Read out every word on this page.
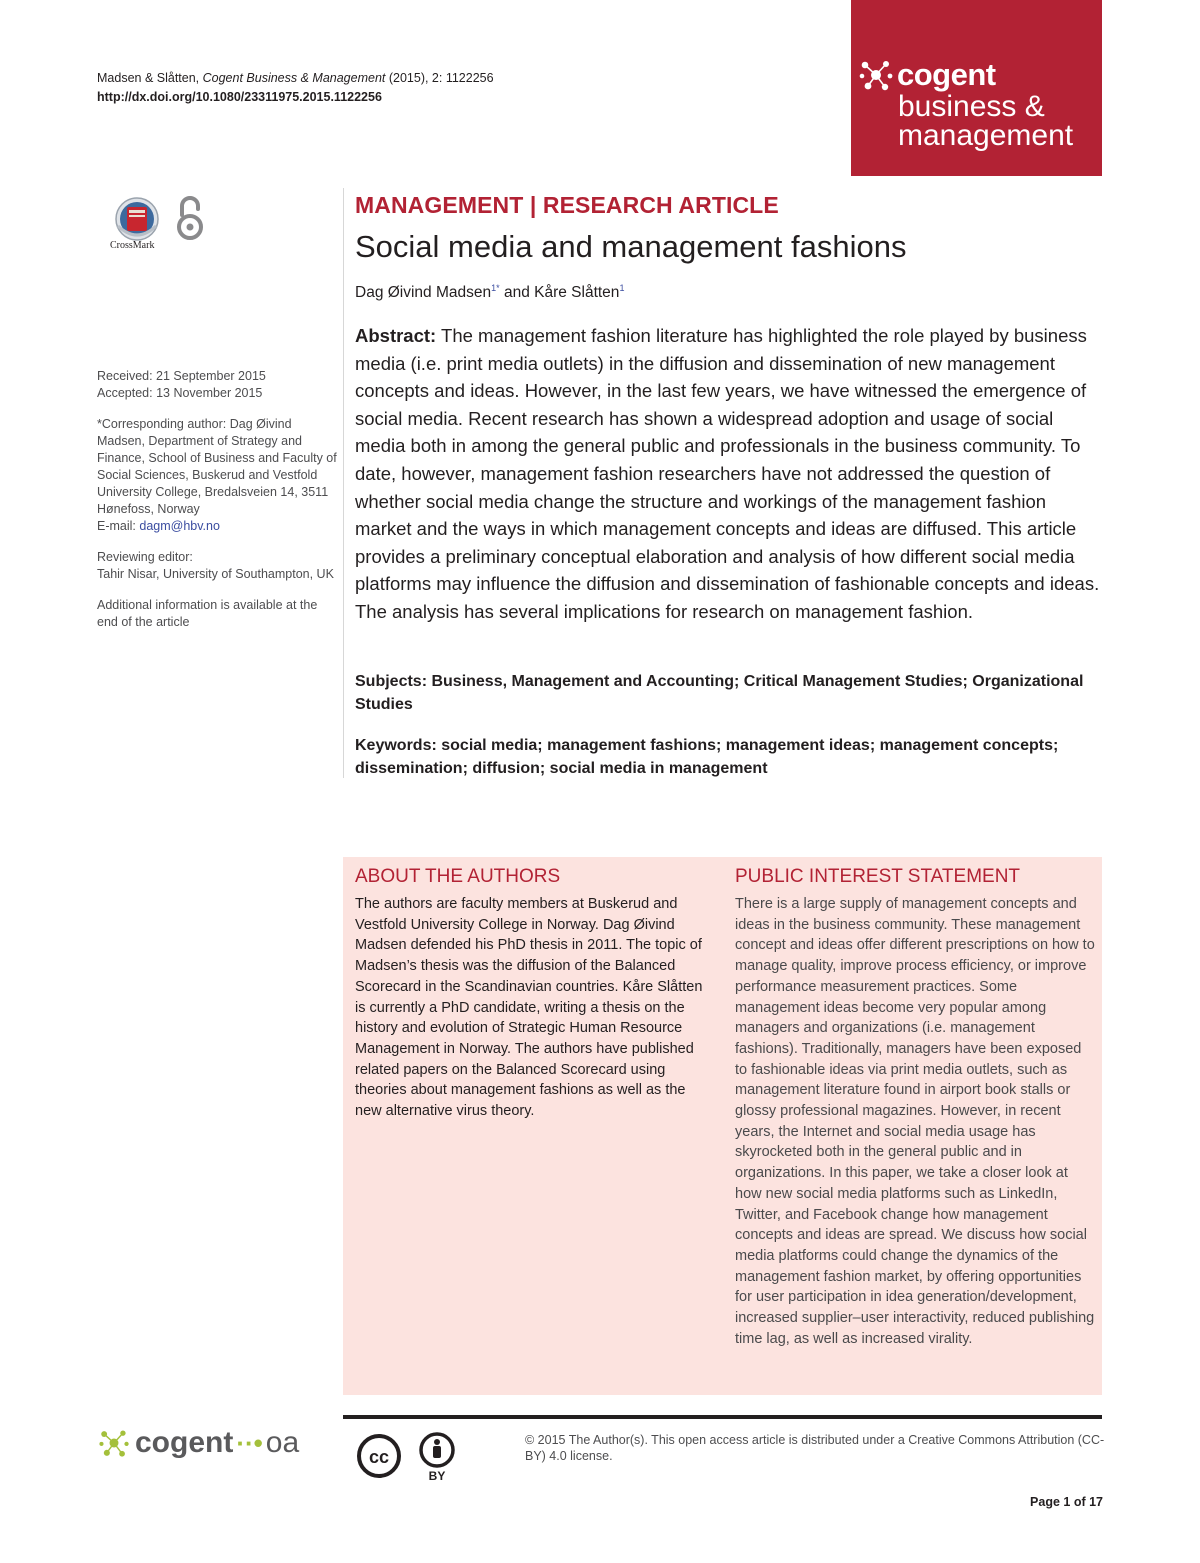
Madsen & Slåtten, Cogent Business & Management (2015), 2: 1122256
http://dx.doi.org/10.1080/23311975.2015.1122256
cogent
business &
management
CrossMark

Received: 21 September 2015
Accepted: 13 November 2015

*Corresponding author: Dag Øivind Madsen, Department of Strategy and Finance, School of Business and Faculty of Social Sciences, Buskerud and Vestfold University College, Bredalsveien 14, 3511 Hønefoss, Norway
E-mail: dagm@hbv.no

Reviewing editor:
Tahir Nisar, University of Southampton, UK

Additional information is available at the end of the article

MANAGEMENT | RESEARCH ARTICLE
Social media and management fashions
Dag Øivind Madsen$^{1*}$ and Kåre Slåtten$^1$
Abstract: The management fashion literature has highlighted the role played by business media (i.e. print media outlets) in the diffusion and dissemination of new management concepts and ideas. However, in the last few years, we have witnessed the emergence of social media. Recent research has shown a widespread adoption and usage of social media both in among the general public and professionals in the business community. To date, however, management fashion researchers have not addressed the question of whether social media change the structure and workings of the management fashion market and the ways in which management concepts and ideas are diffused. This article provides a preliminary conceptual elaboration and analysis of how different social media platforms may influence the diffusion and dissemination of fashionable concepts and ideas. The analysis has several implications for research on management fashion.
Subjects: Business, Management and Accounting; Critical Management Studies; Organizational Studies
Keywords: social media; management fashions; management ideas; management concepts; dissemination; diffusion; social media in management
ABOUT THE AUTHORS
The authors are faculty members at Buskerud and Vestfold University College in Norway. Dag Øivind Madsen defended his PhD thesis in 2011. The topic of Madsen’s thesis was the diffusion of the Balanced Scorecard in the Scandinavian countries. Kåre Slåtten is currently a PhD candidate, writing a thesis on the history and evolution of Strategic Human Resource Management in Norway. The authors have published related papers on the Balanced Scorecard using theories about management fashions as well as the new alternative virus theory.
PUBLIC INTEREST STATEMENT
There is a large supply of management concepts and ideas in the business community. These management concept and ideas offer different prescriptions on how to manage quality, improve process efficiency, or improve performance measurement practices. Some management ideas become very popular among managers and organizations (i.e. management fashions). Traditionally, managers have been exposed to fashionable ideas via print media outlets, such as management literature found in airport book stalls or glossy professional magazines. However, in recent years, the Internet and social media usage has skyrocketed both in the general public and in organizations. In this paper, we take a closer look at how new social media platforms such as LinkedIn, Twitter, and Facebook change how management concepts and ideas are spread. We discuss how social media platforms could change the dynamics of the management fashion market, by offering opportunities for user participation in idea generation/development, increased supplier–user interactivity, reduced publishing time lag, as well as increased virality.
cogent ··• oa	cc
BY
© 2015 The Author(s). This open access article is distributed under a Creative Commons Attribution (CC-BY) 4.0 license.
Page 1 of 17
